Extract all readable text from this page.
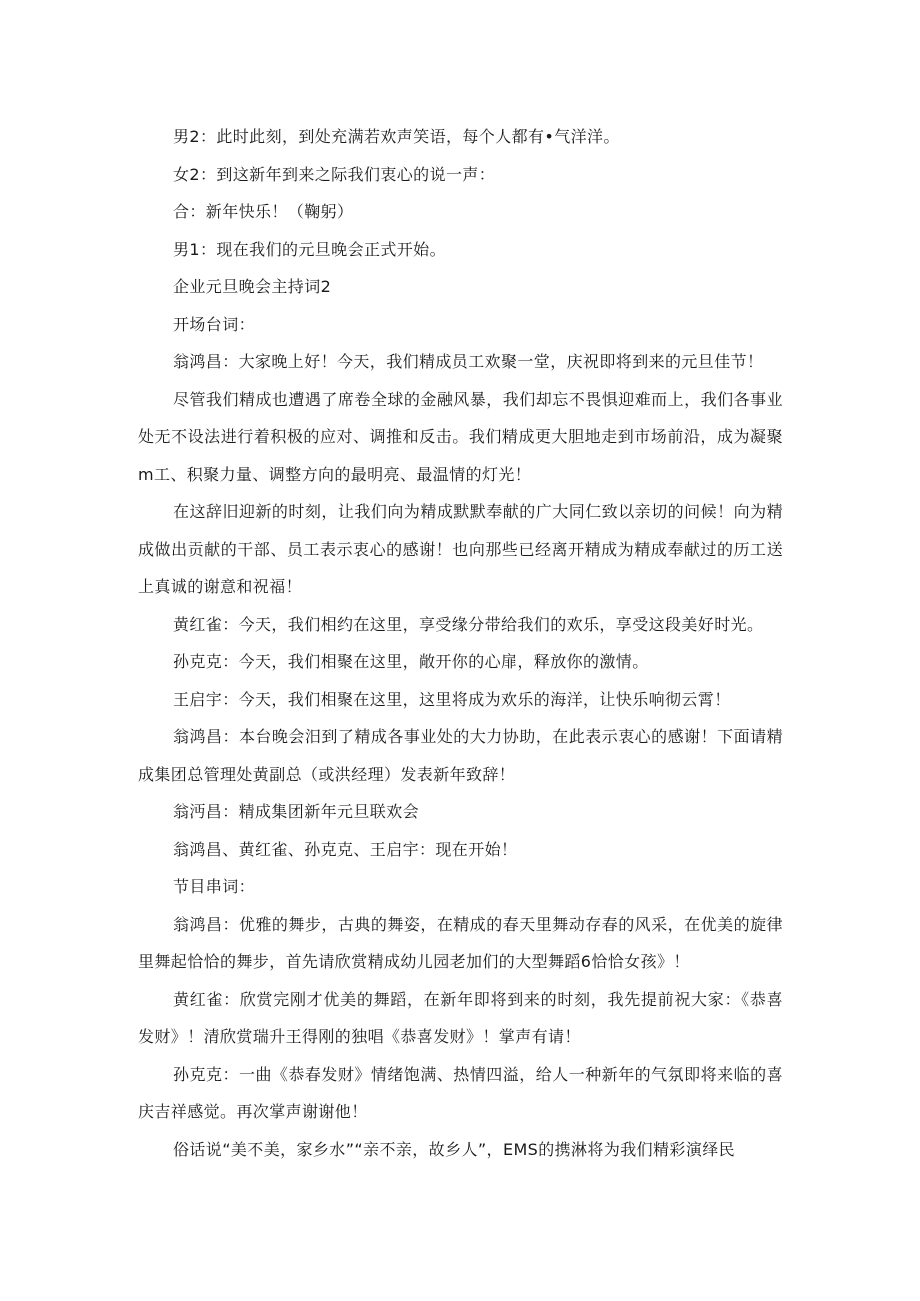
男2：此时此刻，到处充满若欢声笑语，每个人都有•气洋洋。

女2：到这新年到来之际我们衷心的说一声：

合：新年快乐！（鞠躬）

男1：现在我们的元旦晚会正式开始。

企业元旦晚会主持词2

开场台词：

翁鸿昌：大家晚上好！今天，我们精成员工欢聚一堂，庆祝即将到来的元旦佳节！

尽管我们精成也遭遇了席卷全球的金融风暴，我们却忘不畏惧迎难而上，我们各事业处无不设法进行着积极的应对、调推和反击。我们精成更大胆地走到市场前沿，成为凝聚m工、积聚力量、调整方向的最明亮、最温情的灯光！

在这辞旧迎新的时刻，让我们向为精成默默奉献的广大同仁致以亲切的问候！向为精成做出贡献的干部、员工表示衷心的感谢！也向那些已经离开精成为精成奉献过的历工送上真诚的谢意和祝福！

黄红雀：今天，我们相约在这里，享受缘分带给我们的欢乐，享受这段美好时光。

孙克克：今天，我们相聚在这里，敞开你的心扉，释放你的激情。

王启宇：今天，我们相聚在这里，这里将成为欢乐的海洋，让快乐响彻云霄！

翁鸿昌：本台晚会汨到了精成各事业处的大力协助，在此表示衷心的感谢！下面请精成集团总管理处黄副总（或洪经理）发表新年致辞！

翁沔昌：精成集团新年元旦联欢会

翁鸿昌、黄红雀、孙克克、王启宇：现在开始！

节目串词：

翁鸿昌：优雅的舞步，古典的舞姿，在精成的春天里舞动存春的风采，在优美的旋律里舞起恰恰的舞步，首先请欣赏精成幼儿园老加们的大型舞蹈6恰恰女孩》！

黄红雀：欣赏完刚才优美的舞蹈，在新年即将到来的时刻，我先提前祝大家：《恭喜发财》！清欣赏瑞升王得刚的独唱《恭喜发财》！掌声有请！

孙克克：一曲《恭春发财》情绪饱满、热情四溢，给人一种新年的气氛即将来临的喜庆吉祥感觉。再次掌声谢谢他！

俗话说“美不美，家乡水”“亲不亲，故乡人”，EMS的携淋将为我们精彩演绎民
